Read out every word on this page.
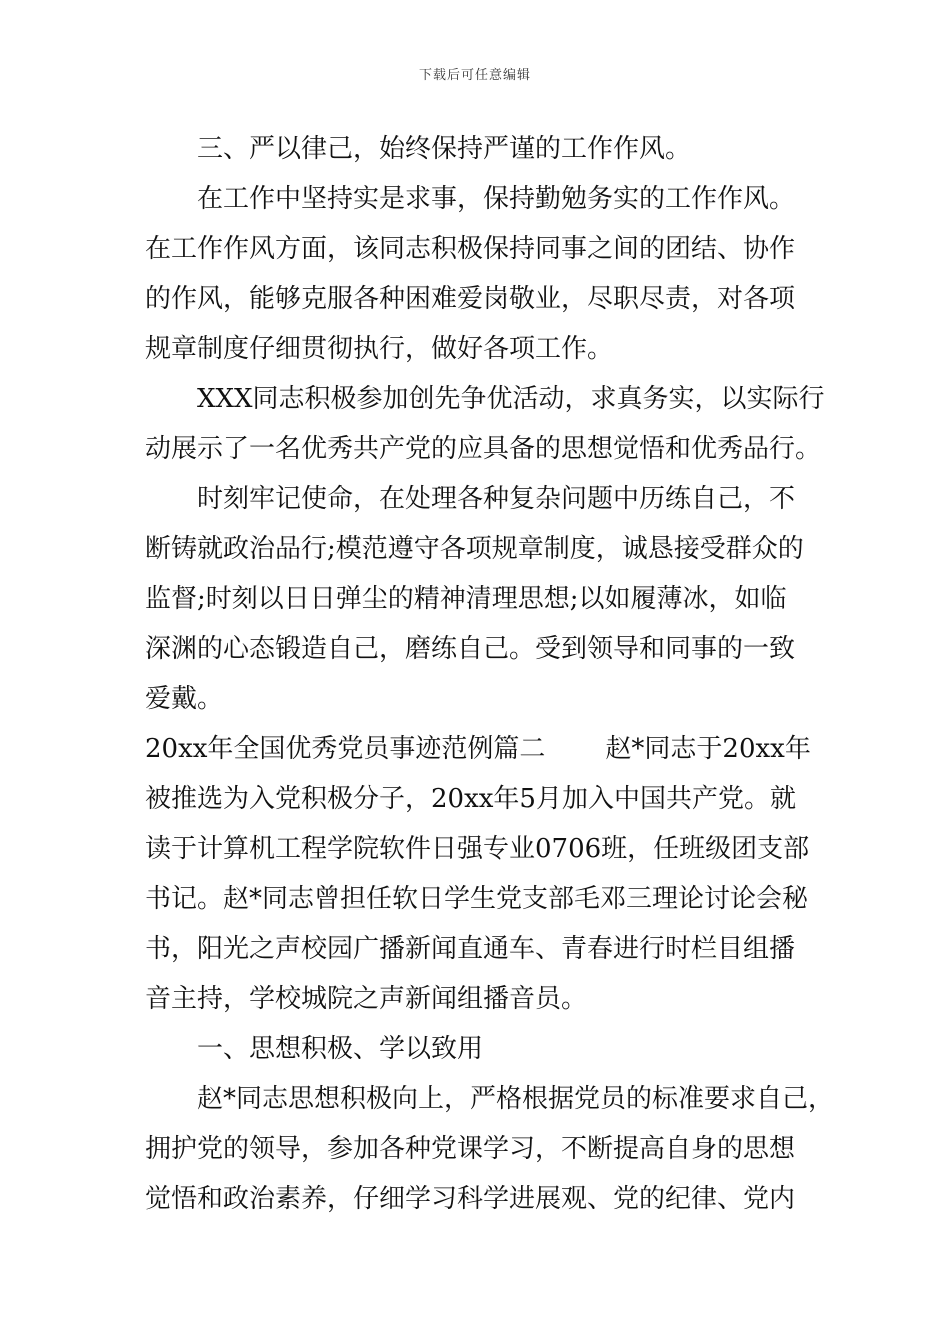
下载后可任意编辑
三、严以律己，始终保持严谨的工作作风。
在工作中坚持实是求事，保持勤勉务实的工作作风。
在工作作风方面，该同志积极保持同事之间的团结、协作
的作风，能够克服各种困难爱岗敬业，尽职尽责，对各项
规章制度仔细贯彻执行，做好各项工作。
XXX同志积极参加创先争优活动，求真务实，以实际行
动展示了一名优秀共产党的应具备的思想觉悟和优秀品行。
时刻牢记使命，在处理各种复杂问题中历练自己，不
断铸就政治品行;模范遵守各项规章制度，诚恳接受群众的
监督;时刻以日日弹尘的精神清理思想;以如履薄冰，如临
深渊的心态锻造自己，磨练自己。受到领导和同事的一致
爱戴。
20xx年全国优秀党员事迹范例篇二 赵*同志于20xx年
被推选为入党积极分子，20xx年5月加入中国共产党。就
读于计算机工程学院软件日强专业0706班，任班级团支部
书记。赵*同志曾担任软日学生党支部毛邓三理论讨论会秘
书，阳光之声校园广播新闻直通车、青春进行时栏目组播
音主持，学校城院之声新闻组播音员。
一、思想积极、学以致用
赵*同志思想积极向上，严格根据党员的标准要求自己，
拥护党的领导，参加各种党课学习，不断提高自身的思想
觉悟和政治素养，仔细学习科学进展观、党的纪律、党内
